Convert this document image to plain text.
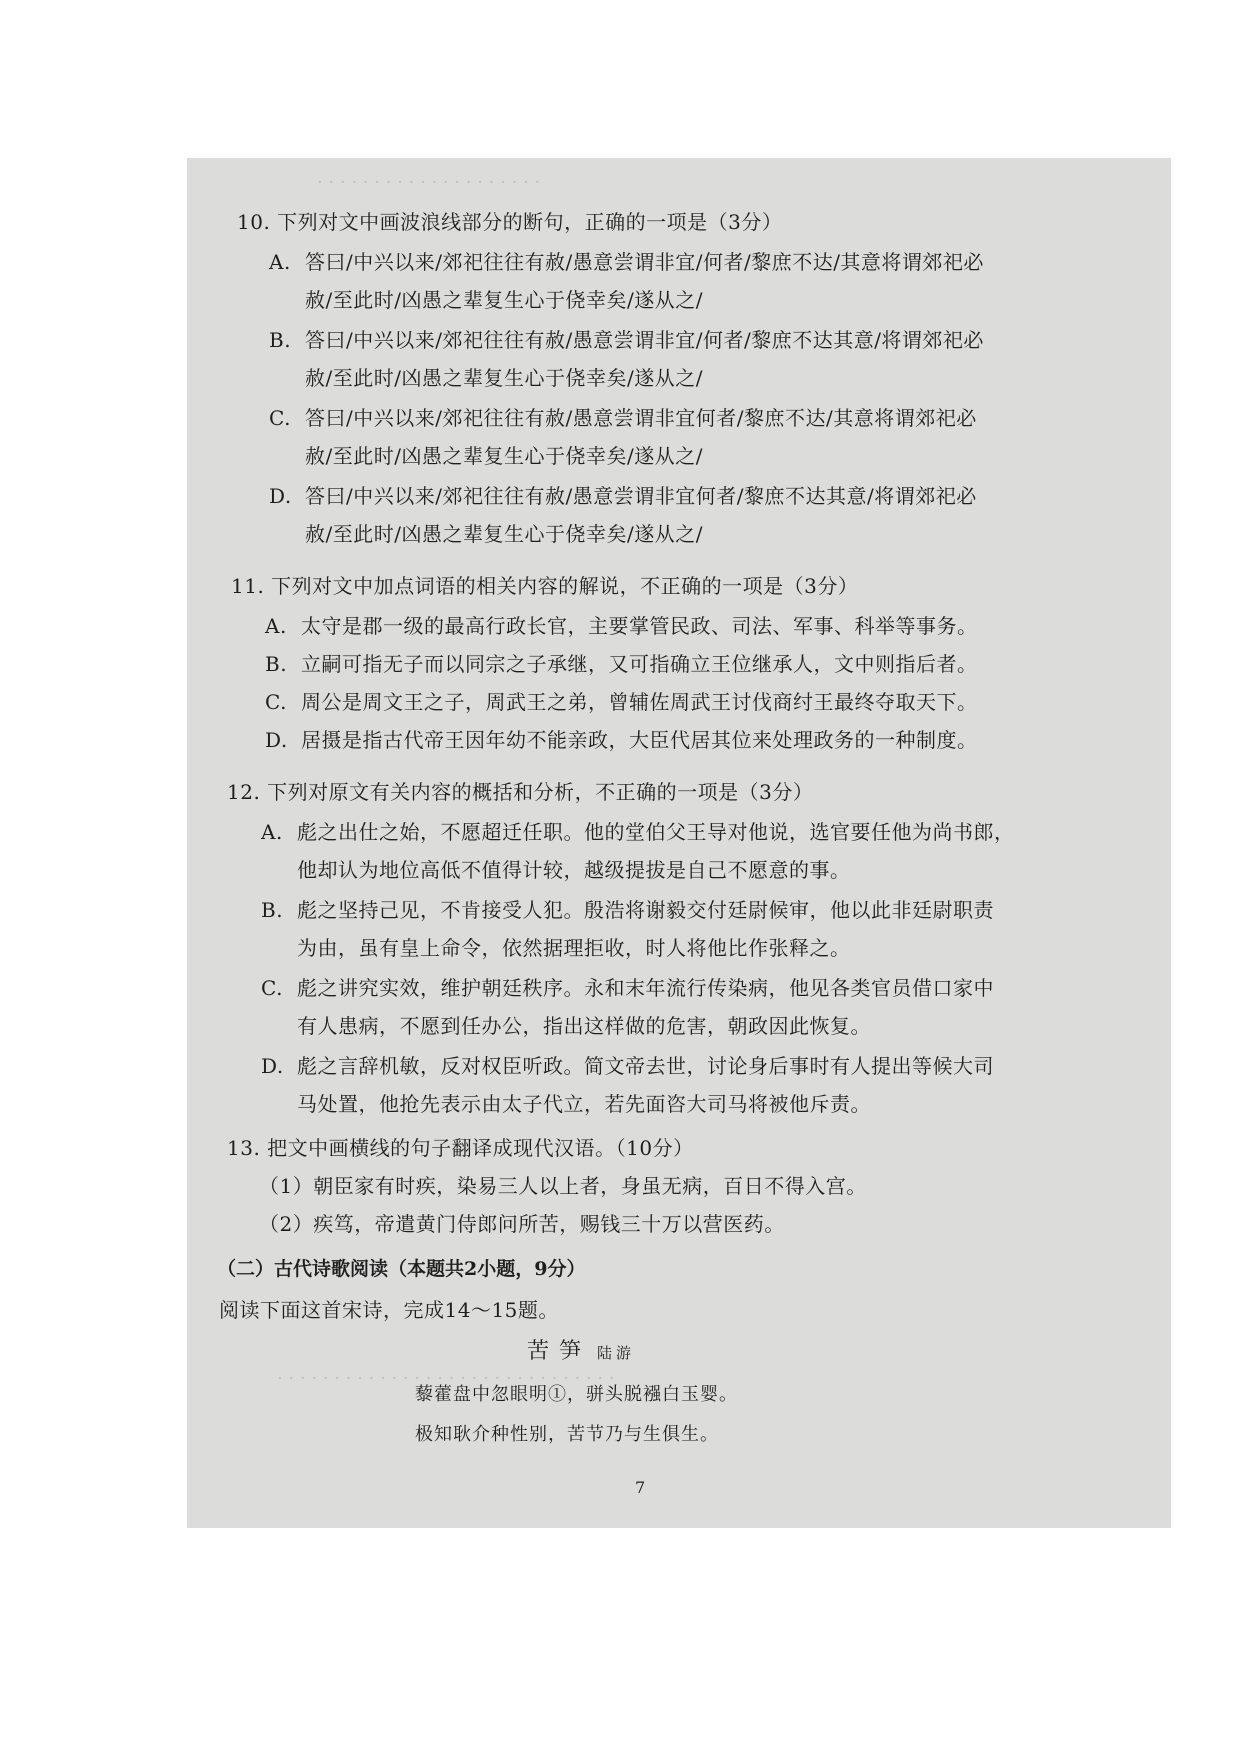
· · · · · · · · · · · · · · · · · · · ·
· · · · · · · · · · · · · · · · · · · · · · · · · · · · · ·
10. 下列对文中画波浪线部分的断句，正确的一项是（3分）
A. 答曰/中兴以来/郊祀往往有赦/愚意尝谓非宜/何者/黎庶不达/其意将谓郊祀必
赦/至此时/凶愚之辈复生心于侥幸矣/遂从之/
B. 答曰/中兴以来/郊祀往往有赦/愚意尝谓非宜/何者/黎庶不达其意/将谓郊祀必
赦/至此时/凶愚之辈复生心于侥幸矣/遂从之/
C. 答曰/中兴以来/郊祀往往有赦/愚意尝谓非宜何者/黎庶不达/其意将谓郊祀必
赦/至此时/凶愚之辈复生心于侥幸矣/遂从之/
D. 答曰/中兴以来/郊祀往往有赦/愚意尝谓非宜何者/黎庶不达其意/将谓郊祀必
赦/至此时/凶愚之辈复生心于侥幸矣/遂从之/
11. 下列对文中加点词语的相关内容的解说，不正确的一项是（3分）
A. 太守是郡一级的最高行政长官，主要掌管民政、司法、军事、科举等事务。
B. 立嗣可指无子而以同宗之子承继，又可指确立王位继承人，文中则指后者。
C. 周公是周文王之子，周武王之弟，曾辅佐周武王讨伐商纣王最终夺取天下。
D. 居摄是指古代帝王因年幼不能亲政，大臣代居其位来处理政务的一种制度。
12. 下列对原文有关内容的概括和分析，不正确的一项是（3分）
A. 彪之出仕之始，不愿超迁任职。他的堂伯父王导对他说，选官要任他为尚书郎，
他却认为地位高低不值得计较，越级提拔是自己不愿意的事。
B. 彪之坚持己见，不肯接受人犯。殷浩将谢毅交付廷尉候审，他以此非廷尉职责
为由，虽有皇上命令，依然据理拒收，时人将他比作张释之。
C. 彪之讲究实效，维护朝廷秩序。永和末年流行传染病，他见各类官员借口家中
有人患病，不愿到任办公，指出这样做的危害，朝政因此恢复。
D. 彪之言辞机敏，反对权臣听政。简文帝去世，讨论身后事时有人提出等候大司
马处置，他抢先表示由太子代立，若先面咨大司马将被他斥责。
13. 把文中画横线的句子翻译成现代汉语。（10分）
（1）朝臣家有时疾，染易三人以上者，身虽无病，百日不得入宫。
（2）疾笃，帝遣黄门侍郎问所苦，赐钱三十万以营医药。
（二）古代诗歌阅读（本题共2小题，9分）
阅读下面这首宋诗，完成14～15题。
苦笋 陆游
藜藿盘中忽眼明①，骈头脱襁白玉婴。
极知耿介种性别，苦节乃与生俱生。
7
